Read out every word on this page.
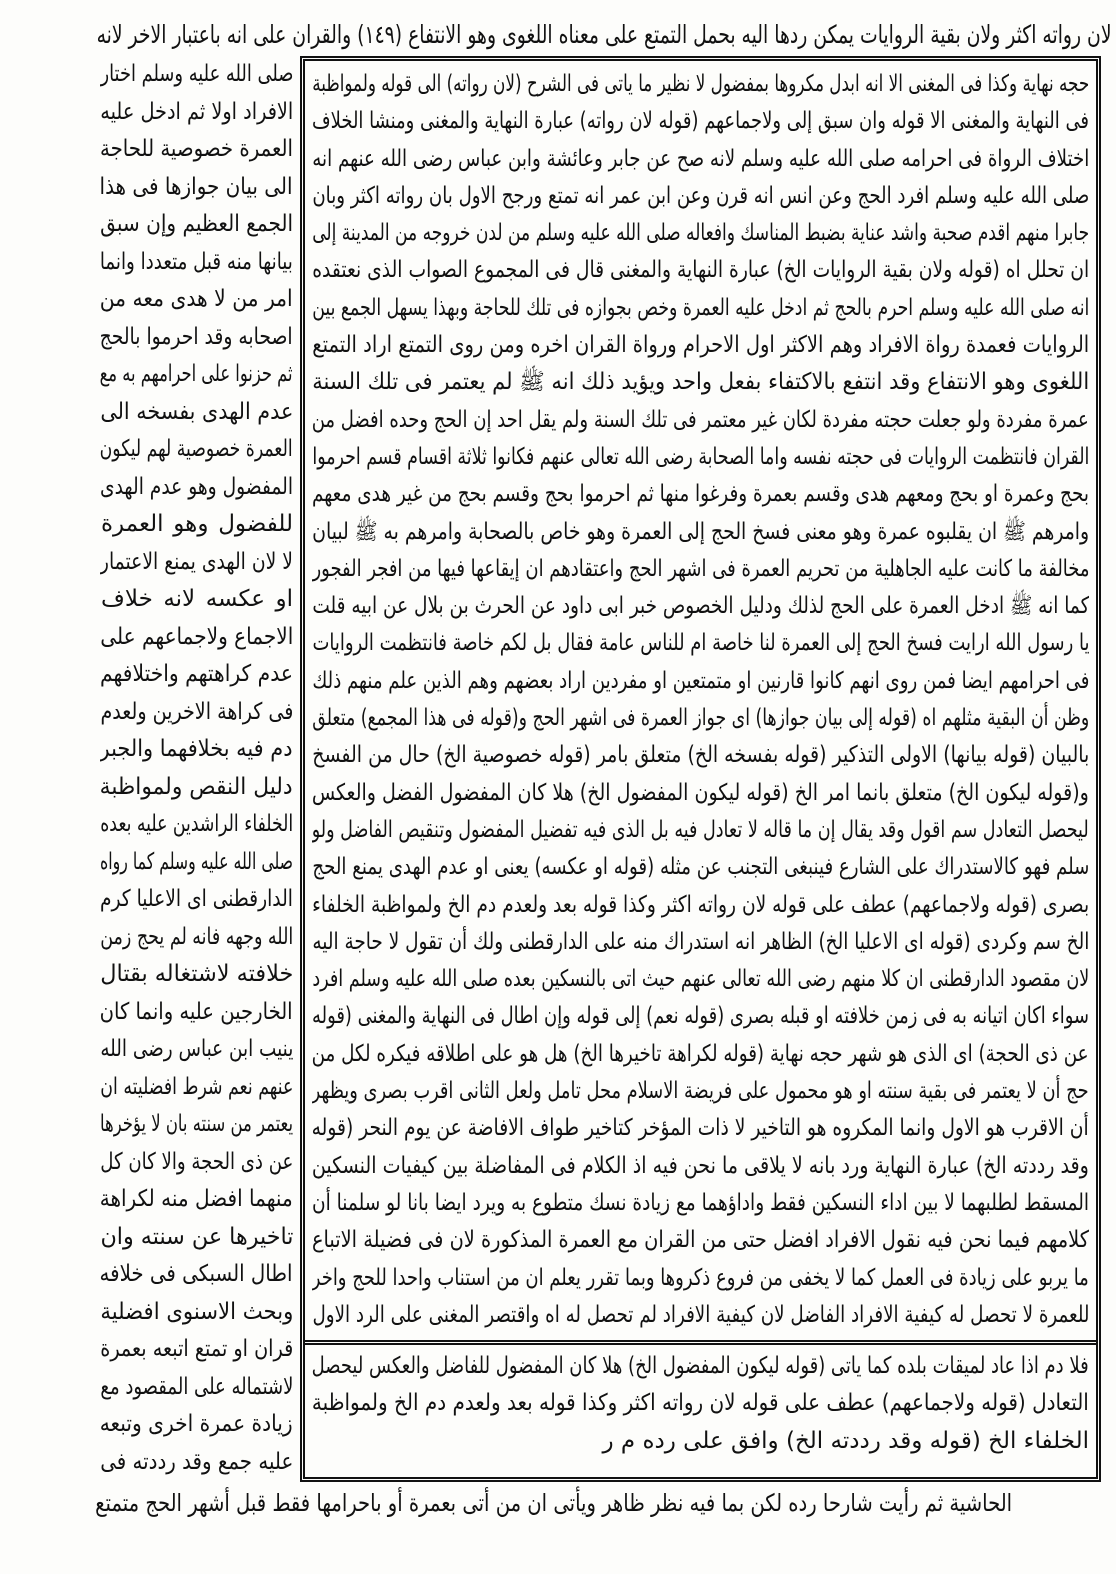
لان رواته اكثر ولان بقية الروايات يمكن ردها اليه بحمل التمتع على معناه اللغوى وهو الانتفاع (١٤٩) والقران على انه باعتبار الاخر لانه
حجه نهاية وكذا فى المغنى الا انه ابدل مكروها بمفضول لا نظير ما ياتى فى الشرح (لان رواته) الى قوله ولمواظبة
فى النهاية والمغنى الا قوله وان سبق إلى ولاجماعهم (قوله لان رواته) عبارة النهاية والمغنى ومنشا الخلاف
اختلاف الرواة فى احرامه صلى الله عليه وسلم لانه صح عن جابر وعائشة وابن عباس رضى الله عنهم انه
صلى الله عليه وسلم افرد الحج وعن انس انه قرن وعن ابن عمر انه تمتع ورجح الاول بان رواته اكثر وبان
جابرا منهم اقدم صحبة واشد عناية بضبط المناسك وافعاله صلى الله عليه وسلم من لدن خروجه من المدينة إلى
ان تحلل اه (قوله ولان بقية الروايات الخ) عبارة النهاية والمغنى قال فى المجموع الصواب الذى نعتقده
انه صلى الله عليه وسلم احرم بالحج ثم ادخل عليه العمرة وخص بجوازه فى تلك للحاجة وبهذا يسهل الجمع بين
الروايات فعمدة رواة الافراد وهم الاكثر اول الاحرام ورواة القران اخره ومن روى التمتع اراد التمتع
اللغوى وهو الانتفاع وقد انتفع بالاكتفاء بفعل واحد ويؤيد ذلك انه ﷺ لم يعتمر فى تلك السنة
عمرة مفردة ولو جعلت حجته مفردة لكان غير معتمر فى تلك السنة ولم يقل احد إن الحج وحده افضل من
القران فانتظمت الروايات فى حجته نفسه واما الصحابة رضى الله تعالى عنهم فكانوا ثلاثة اقسام قسم احرموا
بحج وعمرة او بحج ومعهم هدى وقسم بعمرة وفرغوا منها ثم احرموا بحج وقسم بحج من غير هدى معهم
وامرهم ﷺ ان يقلبوه عمرة وهو معنى فسخ الحج إلى العمرة وهو خاص بالصحابة وامرهم به ﷺ لبيان
مخالفة ما كانت عليه الجاهلية من تحريم العمرة فى اشهر الحج واعتقادهم ان إيقاعها فيها من افجر الفجور
كما انه ﷺ ادخل العمرة على الحج لذلك ودليل الخصوص خبر ابى داود عن الحرث بن بلال عن ابيه قلت
يا رسول الله ارايت فسخ الحج إلى العمرة لنا خاصة ام للناس عامة فقال بل لكم خاصة فانتظمت الروايات
فى احرامهم ايضا فمن روى انهم كانوا قارنين او متمتعين او مفردين اراد بعضهم وهم الذين علم منهم ذلك
وظن أن البقية مثلهم اه (قوله إلى بيان جوازها) اى جواز العمرة فى اشهر الحج و(قوله فى هذا المجمع) متعلق
بالبيان (قوله بيانها) الاولى التذكير (قوله بفسخه الخ) متعلق بامر (قوله خصوصية الخ) حال من الفسخ
و(قوله ليكون الخ) متعلق بانما امر الخ (قوله ليكون المفضول الخ) هلا كان المفضول الفضل والعكس
ليحصل التعادل سم اقول وقد يقال إن ما قاله لا تعادل فيه بل الذى فيه تفضيل المفضول وتنقيص الفاضل ولو
سلم فهو كالاستدراك على الشارع فينبغى التجنب عن مثله (قوله او عكسه) يعنى او عدم الهدى يمنع الحج
بصرى (قوله ولاجماعهم) عطف على قوله لان رواته اكثر وكذا قوله بعد ولعدم دم الخ ولمواظبة الخلفاء
الخ سم وكردى (قوله اى الاعليا الخ) الظاهر انه استدراك منه على الدارقطنى ولك أن تقول لا حاجة اليه
لان مقصود الدارقطنى ان كلا منهم رضى الله تعالى عنهم حيث اتى بالنسكين بعده صلى الله عليه وسلم افرد
سواء اكان اتيانه به فى زمن خلافته او قبله بصرى (قوله نعم) إلى قوله وإن اطال فى النهاية والمغنى (قوله
عن ذى الحجة) اى الذى هو شهر حجه نهاية (قوله لكراهة تاخيرها الخ) هل هو على اطلاقه فيكره لكل من
حج أن لا يعتمر فى بقية سنته او هو محمول على فريضة الاسلام محل تامل ولعل الثانى اقرب بصرى ويظهر
أن الاقرب هو الاول وانما المكروه هو التاخير لا ذات المؤخر كتاخير طواف الافاضة عن يوم النحر (قوله
وقد رددته الخ) عبارة النهاية ورد بانه لا يلاقى ما نحن فيه اذ الكلام فى المفاضلة بين كيفيات النسكين
المسقط لطلبهما لا بين اداء النسكين فقط واداؤهما مع زيادة نسك متطوع به ويرد ايضا بانا لو سلمنا أن
كلامهم فيما نحن فيه نقول الافراد افضل حتى من القران مع العمرة المذكورة لان فى فضيلة الاتباع
ما يربو على زيادة فى العمل كما لا يخفى من فروع ذكروها وبما تقرر يعلم ان من استناب واحدا للحج واخر
للعمرة لا تحصل له كيفية الافراد الفاضل لان كيفية الافراد لم تحصل له اه واقتصر المغنى على الرد الاول
فلا دم اذا عاد لميقات بلده كما ياتى (قوله ليكون المفضول الخ) هلا كان المفضول للفاضل والعكس ليحصل
التعادل (قوله ولاجماعهم) عطف على قوله لان رواته اكثر وكذا قوله بعد ولعدم دم الخ ولمواظبة
الخلفاء الخ (قوله وقد رددته الخ) وافق على رده م ر
صلى الله عليه وسلم اختار
الافراد اولا ثم ادخل عليه
العمرة خصوصية للحاجة
الى بيان جوازها فى هذا
الجمع العظيم وإن سبق
بيانها منه قبل متعددا وانما
امر من لا هدى معه من
اصحابه وقد احرموا بالحج
ثم حزنوا على احرامهم به مع
عدم الهدى بفسخه الى
العمرة خصوصية لهم ليكون
المفضول وهو عدم الهدى
للفضول وهو العمرة
لا لان الهدى يمنع الاعتمار
او عكسه لانه خلاف
الاجماع ولاجماعهم على
عدم كراهتهم واختلافهم
فى كراهة الاخرين ولعدم
دم فيه بخلافهما والجبر
دليل النقص ولمواظبة
الخلفاء الراشدين عليه بعده
صلى الله عليه وسلم كما رواه
الدارقطنى اى الاعليا كرم
الله وجهه فانه لم يحج زمن
خلافته لاشتغاله بقتال
الخارجين عليه وانما كان
ينيب ابن عباس رضى الله
عنهم نعم شرط افضليته ان
يعتمر من سنته بان لا يؤخرها
عن ذى الحجة والا كان كل
منهما افضل منه لكراهة
تاخيرها عن سنته وان
اطال السبكى فى خلافه
وبحث الاسنوى افضلية
قران او تمتع اتبعه بعمرة
لاشتماله على المقصود مع
زيادة عمرة اخرى وتبعه
عليه جمع وقد رددته فى
الحاشية ثم رأيت شارحا رده لكن بما فيه نظر ظاهر ويأتى ان من أتى بعمرة أو باحرامها فقط قبل أشهر الحج متمتع
